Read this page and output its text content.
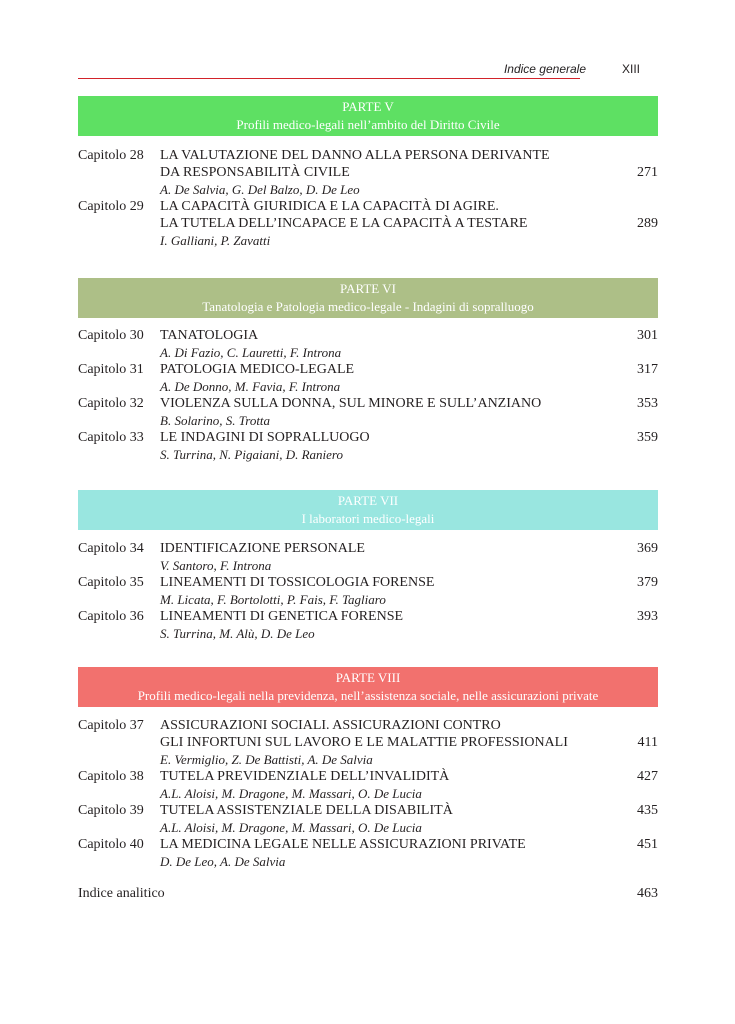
Indice generale	XIII
PARTE V
Profili medico-legali nell’ambito del Diritto Civile
Capitolo 28 LA VALUTAZIONE DEL DANNO ALLA PERSONA DERIVANTE
DA RESPONSABILITÀ CIVILE	271
A. De Salvia, G. Del Balzo, D. De Leo
Capitolo 29 LA CAPACITÀ GIURIDICA E LA CAPACITÀ DI AGIRE.
LA TUTELA DELL’INCAPACE E LA CAPACITÀ A TESTARE	289
I. Galliani, P. Zavatti
PARTE VI
Tanatologia e Patologia medico-legale - Indagini di sopralluogo
Capitolo 30 TANATOLOGIA	301
A. Di Fazio, C. Lauretti, F. Introna
Capitolo 31 PATOLOGIA MEDICO-LEGALE	317
A. De Donno, M. Favia, F. Introna
Capitolo 32 VIOLENZA SULLA DONNA, SUL MINORE E SULL’ANZIANO	353
B. Solarino, S. Trotta
Capitolo 33 LE INDAGINI DI SOPRALLUOGO	359
S. Turrina, N. Pigaiani, D. Raniero
PARTE VII
I laboratori medico-legali
Capitolo 34 IDENTIFICAZIONE PERSONALE	369
V. Santoro, F. Introna
Capitolo 35 LINEAMENTI DI TOSSICOLOGIA FORENSE	379
M. Licata, F. Bortolotti, P. Fais, F. Tagliaro
Capitolo 36 LINEAMENTI DI GENETICA FORENSE	393
S. Turrina, M. Alù, D. De Leo
PARTE VIII
Profili medico-legali nella previdenza, nell’assistenza sociale, nelle assicurazioni private
Capitolo 37 ASSICURAZIONI SOCIALI. ASSICURAZIONI CONTRO
GLI INFORTUNI SUL LAVORO E LE MALATTIE PROFESSIONALI	411
E. Vermiglio, Z. De Battisti, A. De Salvia
Capitolo 38 TUTELA PREVIDENZIALE DELL’INVALIDITÀ	427
A.L. Aloisi, M. Dragone, M. Massari, O. De Lucia
Capitolo 39 TUTELA ASSISTENZIALE DELLA DISABILITÀ	435
A.L. Aloisi, M. Dragone, M. Massari, O. De Lucia
Capitolo 40 LA MEDICINA LEGALE NELLE ASSICURAZIONI PRIVATE	451
D. De Leo, A. De Salvia
Indice analitico	463
